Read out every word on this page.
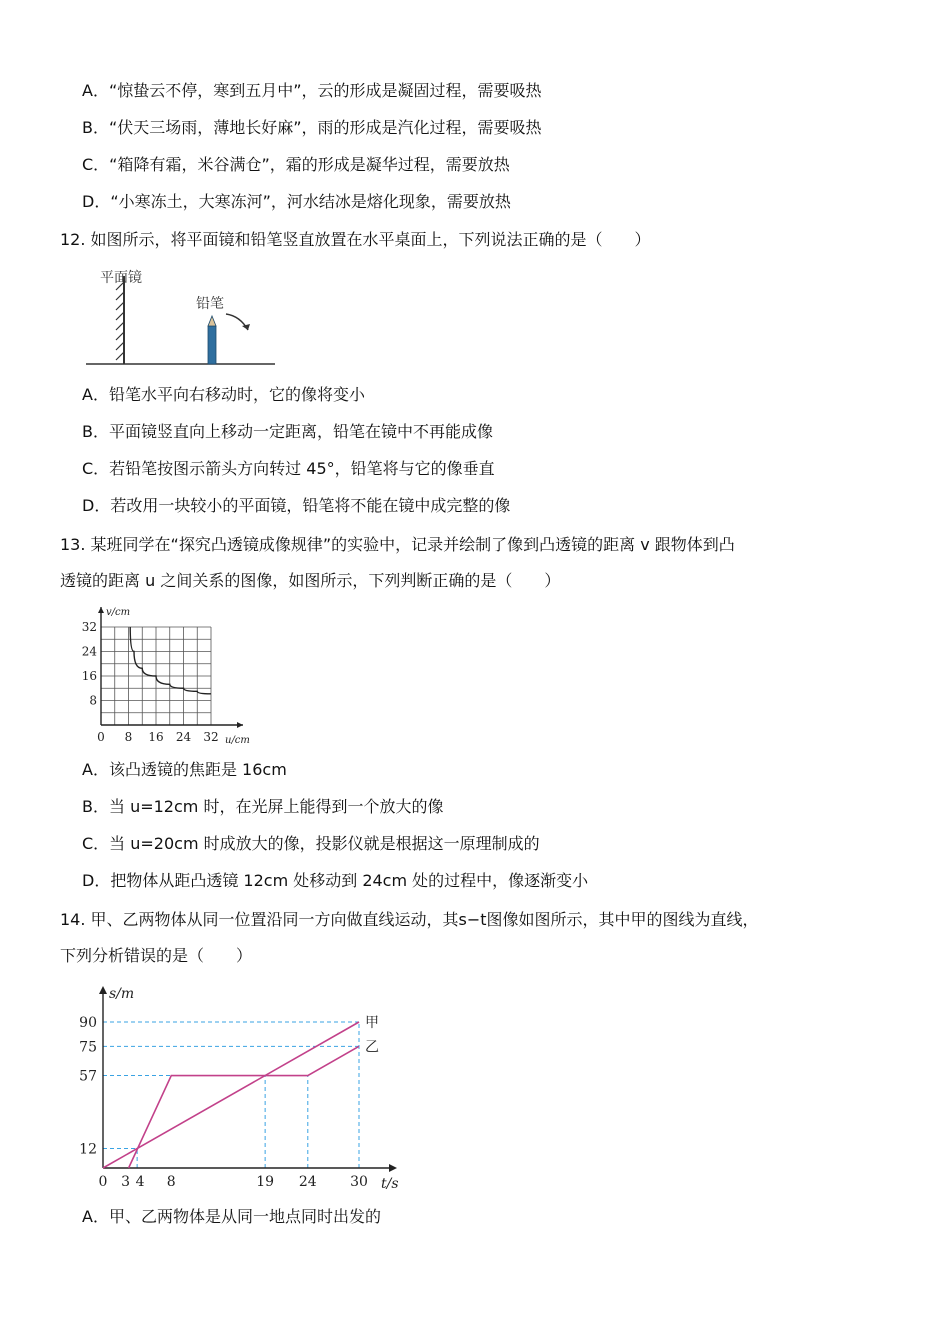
A．“惊蛰云不停，寒到五月中”，云的形成是凝固过程，需要吸热
B．“伏天三场雨，薄地长好麻”，雨的形成是汽化过程，需要吸热
C．“箱降有霜，米谷满仓”，霜的形成是凝华过程，需要放热
D．“小寒冻土，大寒冻河”，河水结冰是熔化现象，需要放热
12. 如图所示，将平面镜和铅笔竖直放置在水平桌面上，下列说法正确的是（　　）
平面镜
铅笔
A．铅笔水平向右移动时，它的像将变小
B．平面镜竖直向上移动一定距离，铅笔在镜中不再能成像
C．若铅笔按图示箭头方向转过 45°，铅笔将与它的像垂直
D．若改用一块较小的平面镜，铅笔将不能在镜中成完整的像
13. 某班同学在“探究凸透镜成像规律”的实验中，记录并绘制了像到凸透镜的距离 v 跟物体到凸
透镜的距离 u 之间关系的图像，如图所示，下列判断正确的是（　　）
0 8 16 24 32
8
16
24
32
v/cm
u/cm
A．该凸透镜的焦距是 16cm
B．当 u=12cm 时，在光屏上能得到一个放大的像
C．当 u=20cm 时成放大的像，投影仪就是根据这一原理制成的
D．把物体从距凸透镜 12cm 处移动到 24cm 处的过程中，像逐渐变小
14. 甲、乙两物体从同一位置沿同一方向做直线运动，其s−t图像如图所示，其中甲的图线为直线，
下列分析错误的是（　　）
甲
乙
0 3 4 8	19 24 30
12
57
75
90
s/m
t/s
A．甲、乙两物体是从同一地点同时出发的
